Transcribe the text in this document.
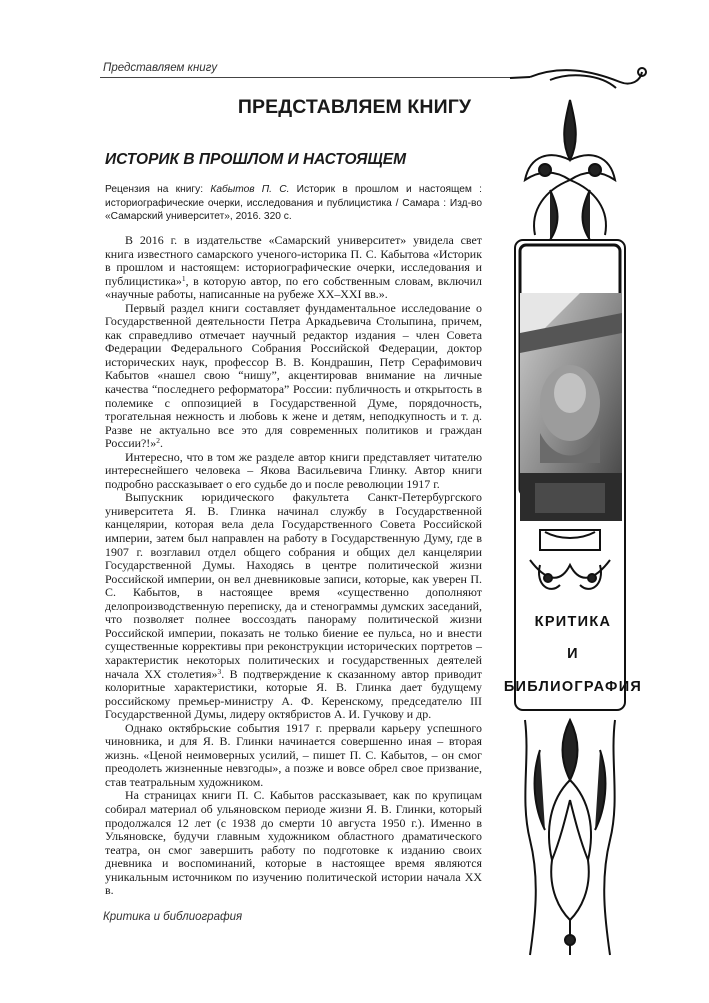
Представляем книгу
КРИТИКА
И
БИБЛИОГРАФИЯ
ПРЕДСТАВЛЯЕМ КНИГУ
ИСТОРИК В ПРОШЛОМ И НАСТОЯЩЕМ
Рецензия на книгу: Кабытов П. С. Историк в прошлом и настоящем : историографические очерки, исследования и публицистика / Самара : Изд-во «Самарский университет», 2016. 320 с.

В 2016 г. в издательстве «Самарский университет» увидела свет книга известного самарского ученого-историка П. С. Кабытова «Историк в прошлом и настоящем: историографические очерки, исследования и публицистика»$^1$, в которую автор, по его собственным словам, включил «научные работы, написанные на рубеже XX–XXI вв.».

Первый раздел книги составляет фундаментальное исследование о Государственной деятельности Петра Аркадьевича Столыпина, причем, как справедливо отмечает научный редактор издания – член Совета Федерации Федерального Собрания Российской Федерации, доктор исторических наук, профессор В. В. Кондрашин, Петр Серафимович Кабытов «нашел свою “нишу”, акцентировав внимание на личные качества “последнего реформатора” России: публичность и открытость в полемике с оппозицией в Государственной Думе, порядочность, трогательная нежность и любовь к жене и детям, неподкупность и т. д. Разве не актуально все это для современных политиков и граждан России?!»$^2$.

Интересно, что в том же разделе автор книги представляет читателю интереснейшего человека – Якова Васильевича Глинку. Автор книги подробно рассказывает о его судьбе до и после революции 1917 г.

Выпускник юридического факультета Санкт-Петербургского университета Я. В. Глинка начинал службу в Государственной канцелярии, которая вела дела Государственного Совета Российской империи, затем был направлен на работу в Государственную Думу, где в 1907 г. возглавил отдел общего собрания и общих дел канцелярии Государственной Думы. Находясь в центре политической жизни Российской империи, он вел дневниковые записи, которые, как уверен П. С. Кабытов, в настоящее время «существенно дополняют делопроизводственную переписку, да и стенограммы думских заседаний, что позволяет полнее воссоздать панораму политической жизни Российской империи, показать не только биение ее пульса, но и внести существенные коррективы при реконструкции исторических портретов – характеристик некоторых политических и государственных деятелей начала XX столетия»$^3$. В подтверждение к сказанному автор приводит колоритные характеристики, которые Я. В. Глинка дает будущему российскому премьер-министру А. Ф. Керенскому, председателю III Государственной Думы, лидеру октябристов А. И. Гучкову и др.

Однако октябрьские события 1917 г. прервали карьеру успешного чиновника, и для Я. В. Глинки начинается совершенно иная – вторая жизнь. «Ценой неимоверных усилий, – пишет П. С. Кабытов, – он смог преодолеть жизненные невзгоды», а позже и вовсе обрел свое призвание, став театральным художником.

На страницах книги П. С. Кабытов рассказывает, как по крупицам собирал материал об ульяновском периоде жизни Я. В. Глинки, который продолжался 12 лет (с 1938 до смерти 10 августа 1950 г.). Именно в Ульяновске, будучи главным художником областного драматического театра, он смог завершить работу по подготовке к изданию своих дневника и воспоминаний, которые в настоящее время являются уникальным источником по изучению политической истории начала XX в.

Критика и библиография
